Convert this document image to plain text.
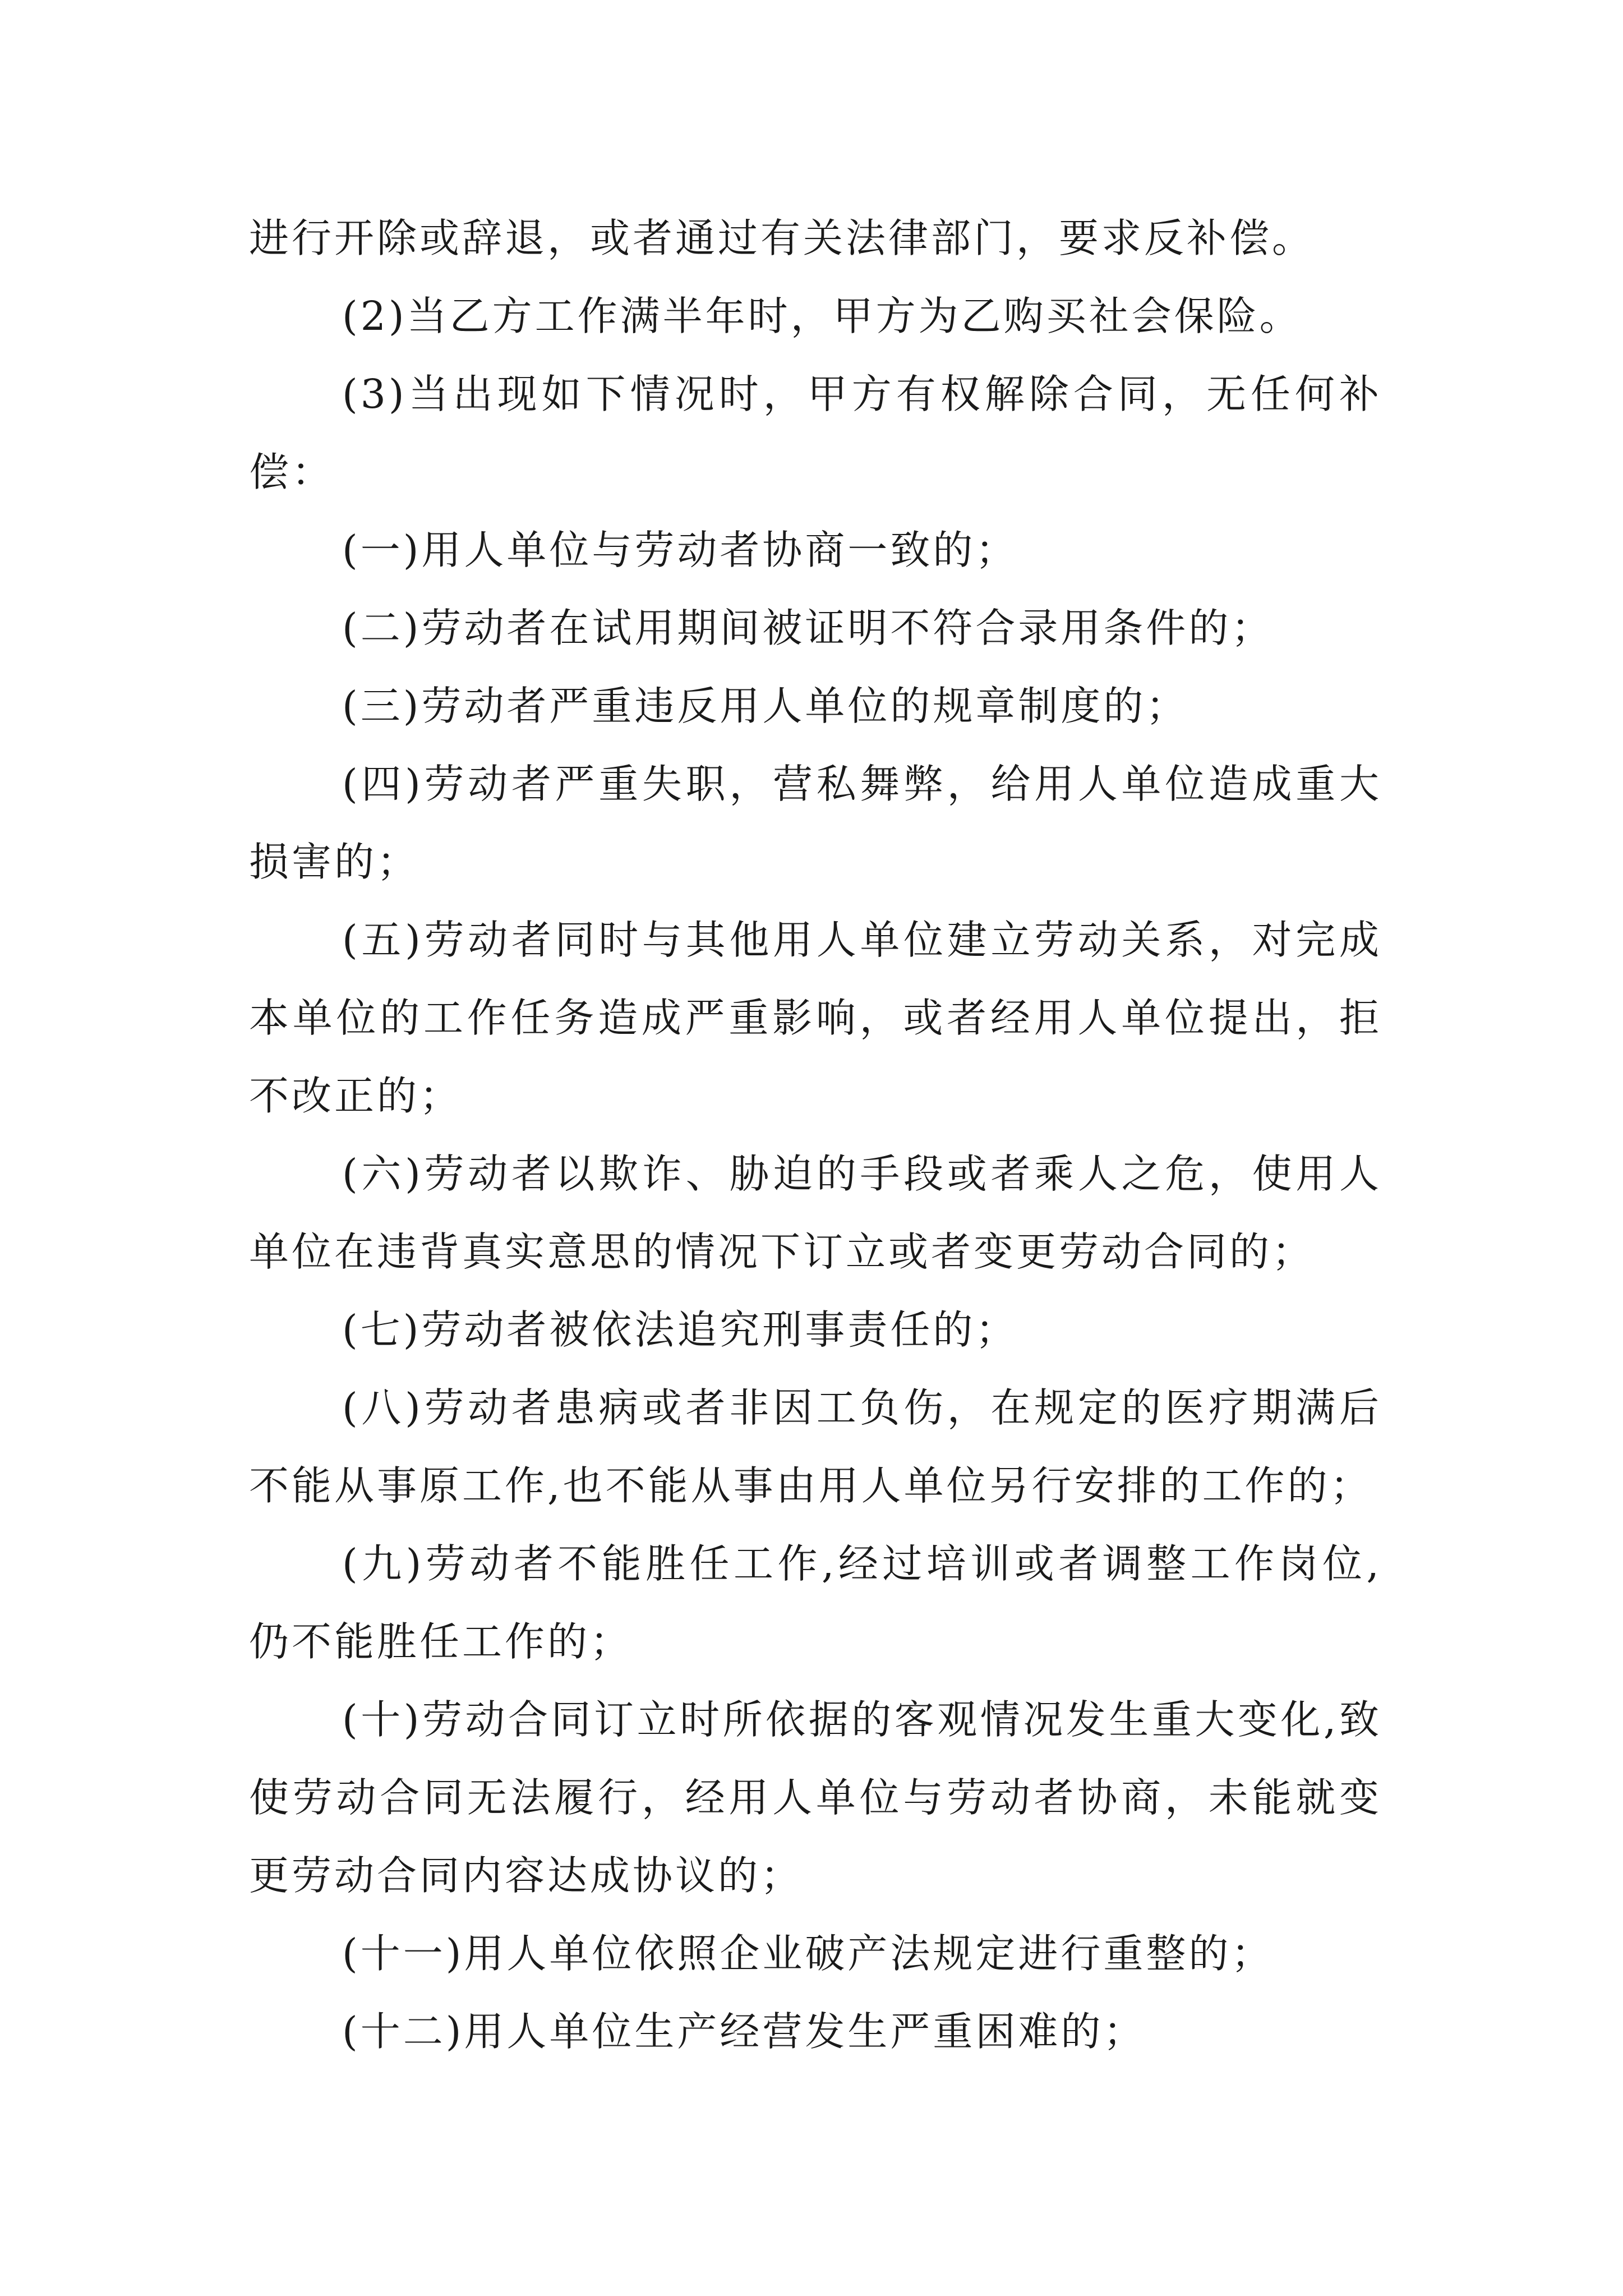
进行开除或辞退，或者通过有关法律部门，要求反补偿。

(2)当乙方工作满半年时，甲方为乙购买社会保险。

(3)当出现如下情况时，甲方有权解除合同，无任何补偿：

(一)用人单位与劳动者协商一致的；

(二)劳动者在试用期间被证明不符合录用条件的；

(三)劳动者严重违反用人单位的规章制度的；

(四)劳动者严重失职，营私舞弊，给用人单位造成重大损害的；

(五)劳动者同时与其他用人单位建立劳动关系，对完成本单位的工作任务造成严重影响，或者经用人单位提出，拒不改正的；

(六)劳动者以欺诈、胁迫的手段或者乘人之危，使用人单位在违背真实意思的情况下订立或者变更劳动合同的；

(七)劳动者被依法追究刑事责任的；

(八)劳动者患病或者非因工负伤，在规定的医疗期满后不能从事原工作,也不能从事由用人单位另行安排的工作的；

(九)劳动者不能胜任工作,经过培训或者调整工作岗位,仍不能胜任工作的；

(十)劳动合同订立时所依据的客观情况发生重大变化,致使劳动合同无法履行，经用人单位与劳动者协商，未能就变更劳动合同内容达成协议的；

(十一)用人单位依照企业破产法规定进行重整的；

(十二)用人单位生产经营发生严重困难的；
